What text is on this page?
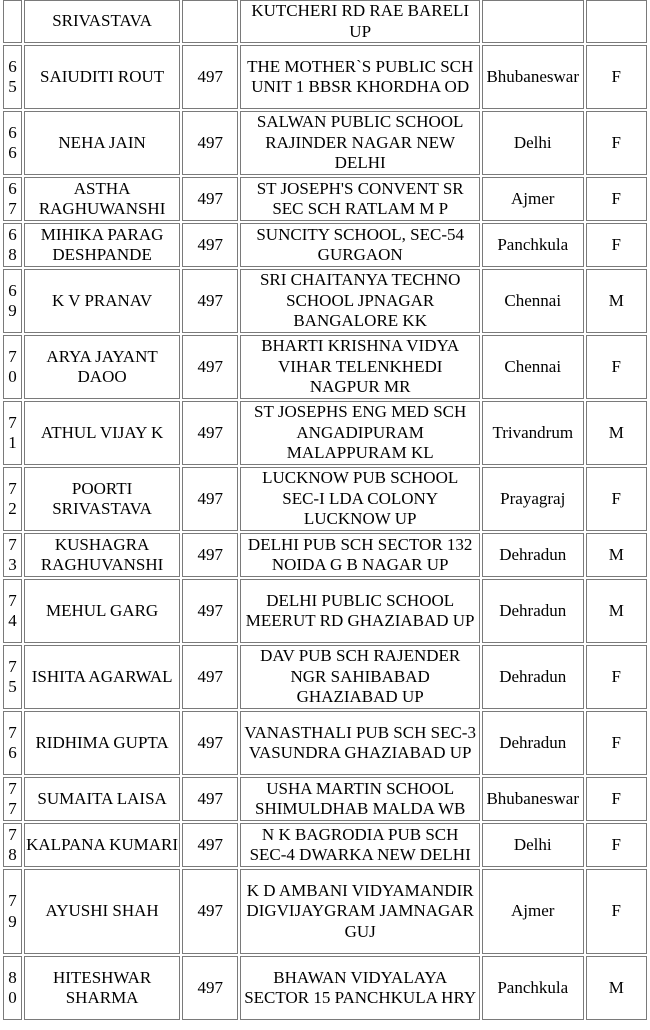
	SRIVASTAVA		KUTCHERI RD RAE BARELI UP		
65	SAIUDITI ROUT	497	THE MOTHER`S PUBLIC SCH UNIT 1 BBSR KHORDHA OD	Bhubaneswar	F
66	NEHA JAIN	497	SALWAN PUBLIC SCHOOL RAJINDER NAGAR NEW DELHI	Delhi	F
67	ASTHA RAGHUWANSHI	497	ST JOSEPH'S CONVENT SR SEC SCH RATLAM M P	Ajmer	F
68	MIHIKA PARAG DESHPANDE	497	SUNCITY SCHOOL, SEC-54 GURGAON	Panchkula	F
69	K V PRANAV	497	SRI CHAITANYA TECHNO SCHOOL JPNAGAR BANGALORE KK	Chennai	M
70	ARYA JAYANT DAOO	497	BHARTI KRISHNA VIDYA VIHAR TELENKHEDI NAGPUR MR	Chennai	F
71	ATHUL VIJAY K	497	ST JOSEPHS ENG MED SCH ANGADIPURAM MALAPPURAM KL	Trivandrum	M
72	POORTI SRIVASTAVA	497	LUCKNOW PUB SCHOOL SEC-I LDA COLONY LUCKNOW UP	Prayagraj	F
73	KUSHAGRA RAGHUVANSHI	497	DELHI PUB SCH SECTOR 132 NOIDA G B NAGAR UP	Dehradun	M
74	MEHUL GARG	497	DELHI PUBLIC SCHOOL MEERUT RD GHAZIABAD UP	Dehradun	M
75	ISHITA AGARWAL	497	DAV PUB SCH RAJENDER NGR SAHIBABAD GHAZIABAD UP	Dehradun	F
76	RIDHIMA GUPTA	497	VANASTHALI PUB SCH SEC-3 VASUNDRA GHAZIABAD UP	Dehradun	F
77	SUMAITA LAISA	497	USHA MARTIN SCHOOL SHIMULDHAB MALDA WB	Bhubaneswar	F
78	KALPANA KUMARI	497	N K BAGRODIA PUB SCH SEC-4 DWARKA NEW DELHI	Delhi	F
79	AYUSHI SHAH	497	K D AMBANI VIDYAMANDIR DIGVIJAYGRAM JAMNAGAR GUJ	Ajmer	F
80	HITESHWAR SHARMA	497	BHAWAN VIDYALAYA SECTOR 15 PANCHKULA HRY	Panchkula	M
